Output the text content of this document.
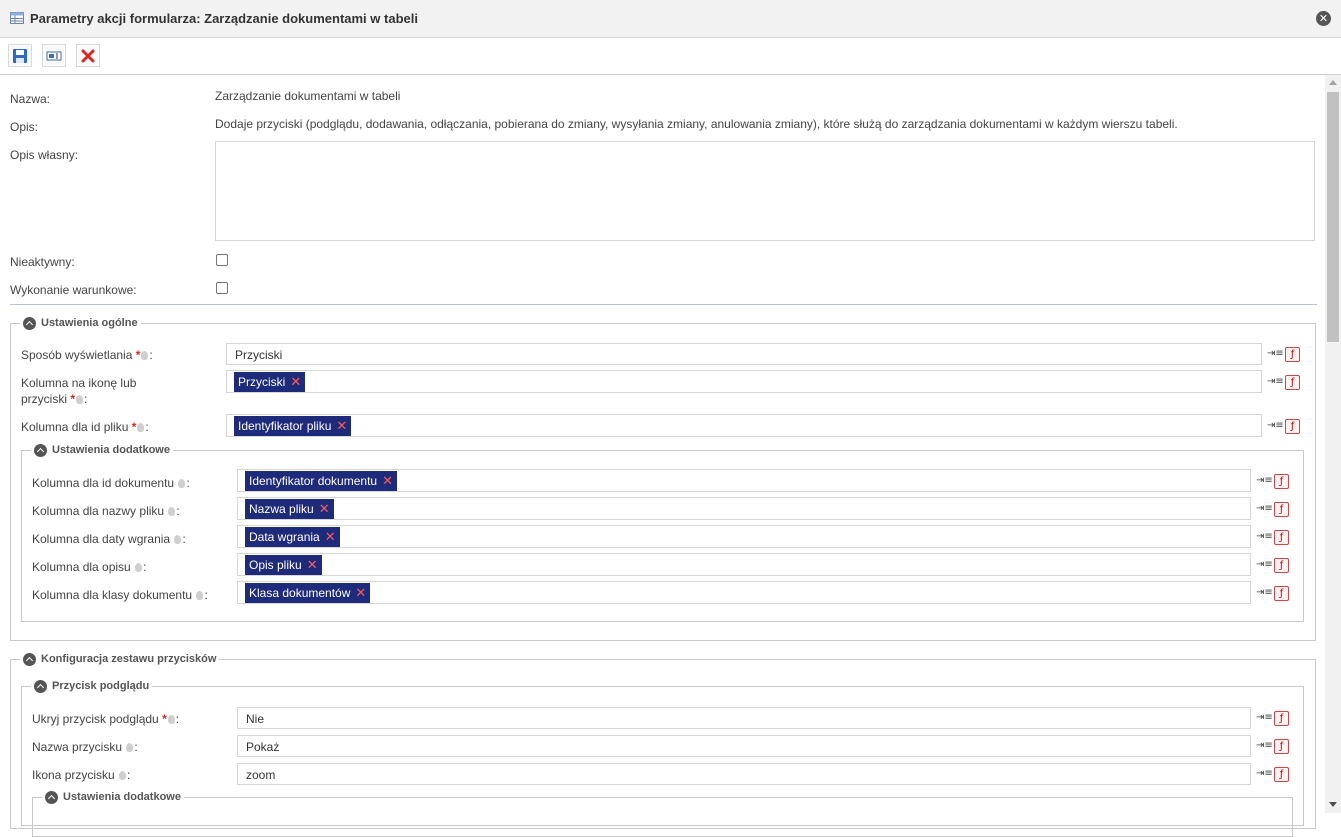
Parametry akcji formularza: Zarządzanie dokumentami w tabeli	✕
Nazwa:	Zarządzanie dokumentami w tabeli
Opis:	Dodaje przyciski (podglądu, dodawania, odłączania, pobierana do zmiany, wysyłania zmiany, anulowania zmiany), które służą do zarządzania dokumentami w każdym wierszu tabeli.
Opis własny:
Nieaktywny:
Wykonanie warunkowe:
Ustawienia ogólne
Sposób wyświetlania * :	Przyciski	⇥≡ ƒ
Kolumna na ikonę lub
przyciski * :
Przyciski ✕	⇥≡ ƒ
Kolumna dla id pliku * :	Identyfikator pliku ✕	⇥≡ ƒ
Ustawienia dodatkowe
Kolumna dla id dokumentu :	Identyfikator dokumentu ✕	⇥≡ ƒ
Kolumna dla nazwy pliku :	Nazwa pliku ✕	⇥≡ ƒ
Kolumna dla daty wgrania :	Data wgrania ✕	⇥≡ ƒ
Kolumna dla opisu :	Opis pliku ✕	⇥≡ ƒ
Kolumna dla klasy dokumentu :	Klasa dokumentów ✕	⇥≡ ƒ
Konfiguracja zestawu przycisków
Przycisk podglądu
Ukryj przycisk podglądu * :	Nie	⇥≡ ƒ
Nazwa przycisku :	Pokaż	⇥≡ ƒ
Ikona przycisku :	zoom	⇥≡ ƒ
Ustawienia dodatkowe
